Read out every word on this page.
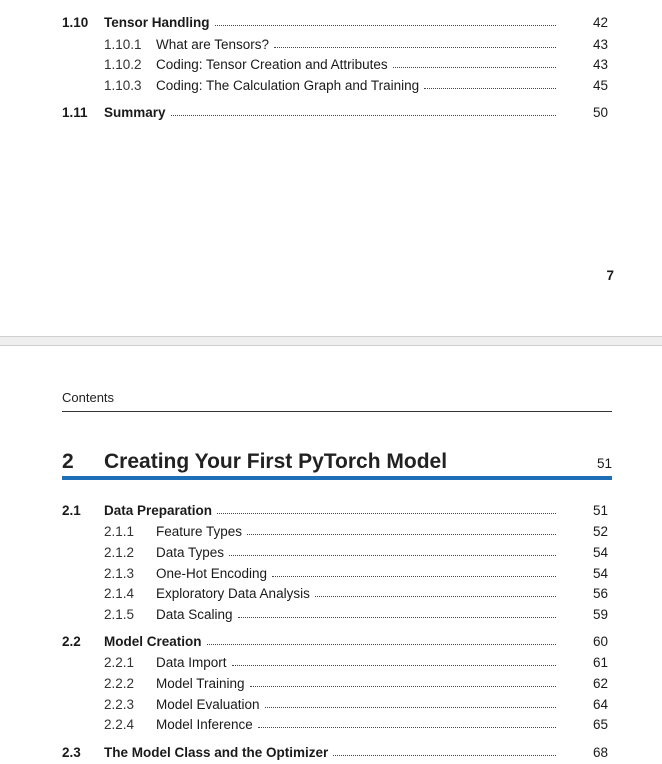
1.10	Tensor Handling	42
1.10.1	What are Tensors?	43
1.10.2	Coding: Tensor Creation and Attributes	43
1.10.3	Coding: The Calculation Graph and Training	45
1.11	Summary	50
7
Contents
2	Creating Your First PyTorch Model	51
2.1	Data Preparation	51
2.1.1	Feature Types	52
2.1.2	Data Types	54
2.1.3	One-Hot Encoding	54
2.1.4	Exploratory Data Analysis	56
2.1.5	Data Scaling	59
2.2	Model Creation	60
2.2.1	Data Import	61
2.2.2	Model Training	62
2.2.3	Model Evaluation	64
2.2.4	Model Inference	65
2.3	The Model Class and the Optimizer	68
